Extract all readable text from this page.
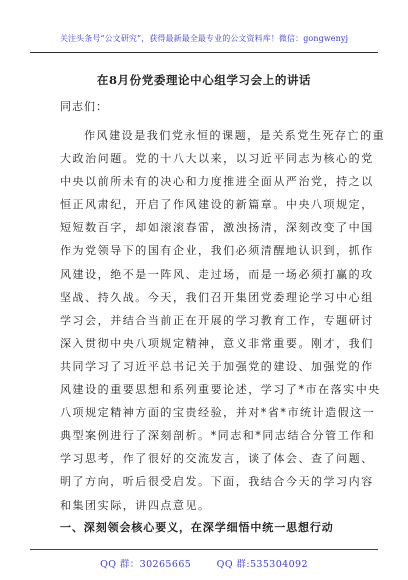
关注头条号“公文研究”，获得最新最全最专业的公文资料库！微信：gongwenyj
在8月份党委理论中心组学习会上的讲话
同志们：
作风建设是我们党永恒的课题，是关系党生死存亡的重
大政治问题。党的十八大以来，以习近平同志为核心的党
中央以前所未有的决心和力度推进全面从严治党，持之以
恒正风肃纪，开启了作风建设的新篇章。中央八项规定，
短短数百字，却如滚滚春雷，激浊扬清，深刻改变了中国
作为党领导下的国有企业，我们必须清醒地认识到，抓作
风建设，绝不是一阵风、走过场，而是一场必须打赢的攻
坚战、持久战。今天，我们召开集团党委理论学习中心组
学习会，并结合当前正在开展的学习教育工作，专题研讨
深入贯彻中央八项规定精神，意义非常重要。刚才，我们
共同学习了习近平总书记关于加强党的建设、加强党的作
风建设的重要思想和系列重要论述，学习了*市在落实中央
八项规定精神方面的宝贵经验，并对*省*市统计造假这一
典型案例进行了深刻剖析。*同志和*同志结合分管工作和
学习思考，作了很好的交流发言，谈了体会、查了问题、
明了方向，听后很受启发。下面，我结合今天的学习内容
和集团实际，讲四点意见。
一、深刻领会核心要义，在深学细悟中统一思想行动
QQ 群：30265665	QQ 群:535304092
